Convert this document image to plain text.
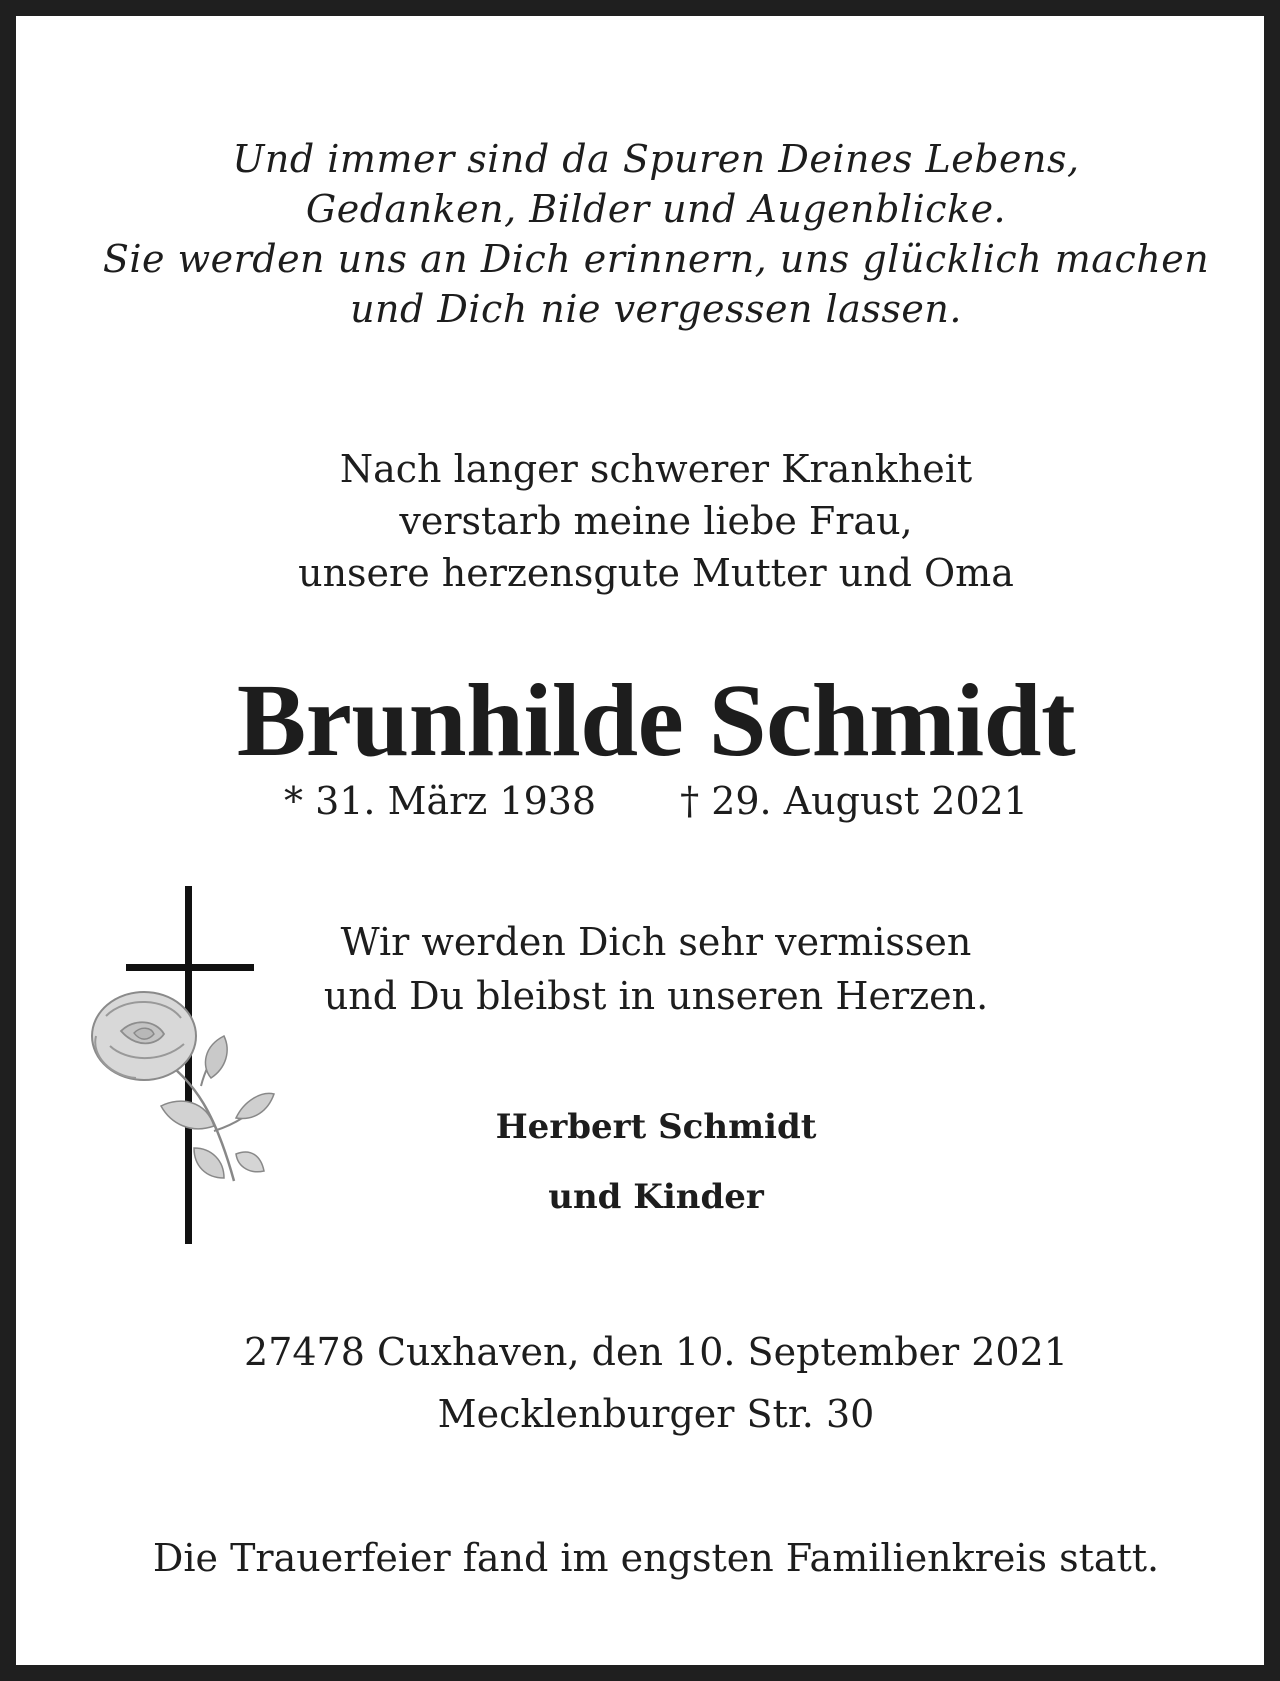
Und immer sind da Spuren Deines Lebens,
Gedanken, Bilder und Augenblicke.
Sie werden uns an Dich erinnern, uns glücklich machen
und Dich nie vergessen lassen.
Nach langer schwerer Krankheit
verstarb meine liebe Frau,
unsere herzensgute Mutter und Oma
Brunhilde Schmidt
* 31. März 1938 † 29. August 2021
Wir werden Dich sehr vermissen
und Du bleibst in unseren Herzen.
Herbert Schmidt
und Kinder
27478 Cuxhaven, den 10. September 2021
Mecklenburger Str. 30
Die Trauerfeier fand im engsten Familienkreis statt.
